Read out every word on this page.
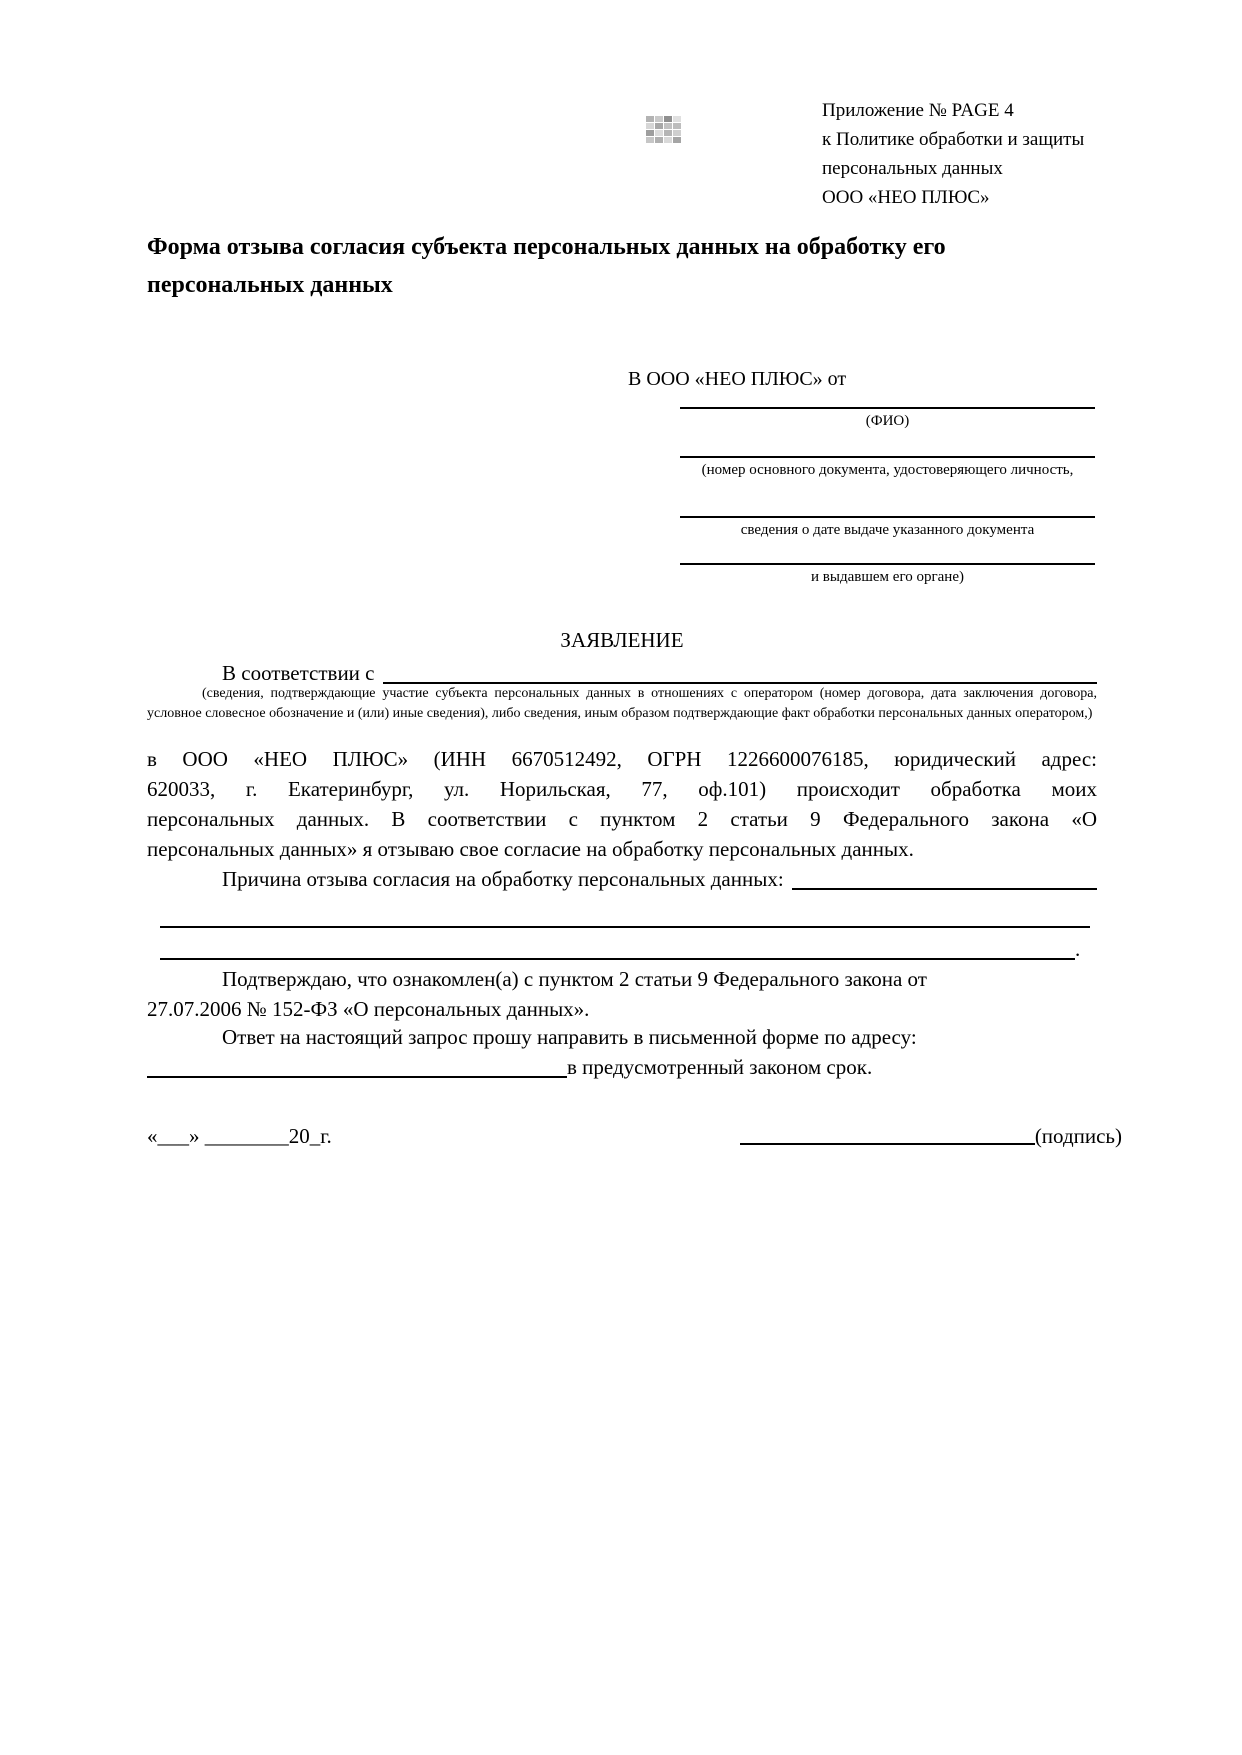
Приложение № PAGE 4
к Политике обработки и защиты
персональных данных
ООО «НЕО ПЛЮС»
Форма отзыва согласия субъекта персональных данных на обработку его персональных данных
В ООО «НЕО ПЛЮС» от
(ФИО)
(номер основного документа, удостоверяющего личность,
сведения о дате выдаче указанного документа
и выдавшем его органе)
ЗАЯВЛЕНИЕ
В соответствии с
(сведения, подтверждающие участие субъекта персональных данных в отношениях с оператором (номер договора, дата заключения договора, условное словесное обозначение и (или) иные сведения), либо сведения, иным образом подтверждающие факт обработки персональных данных оператором,)
в ООО «НЕО ПЛЮС» (ИНН 6670512492, ОГРН 1226600076185, юридический адрес:
620033, г. Екатеринбург, ул. Норильская, 77, оф.101) происходит обработка моих
персональных данных. В соответствии с пунктом 2 статьи 9 Федерального закона «О
персональных данных» я отзываю свое согласие на обработку персональных данных.
Причина отзыва согласия на обработку персональных данных:
.
Подтверждаю, что ознакомлен(а) с пунктом 2 статьи 9 Федерального закона от
27.07.2006 № 152-ФЗ «О персональных данных».
Ответ на настоящий запрос прошу направить в письменной форме по адресу:
в предусмотренный законом срок.
«___» ________20_г.	(подпись)
